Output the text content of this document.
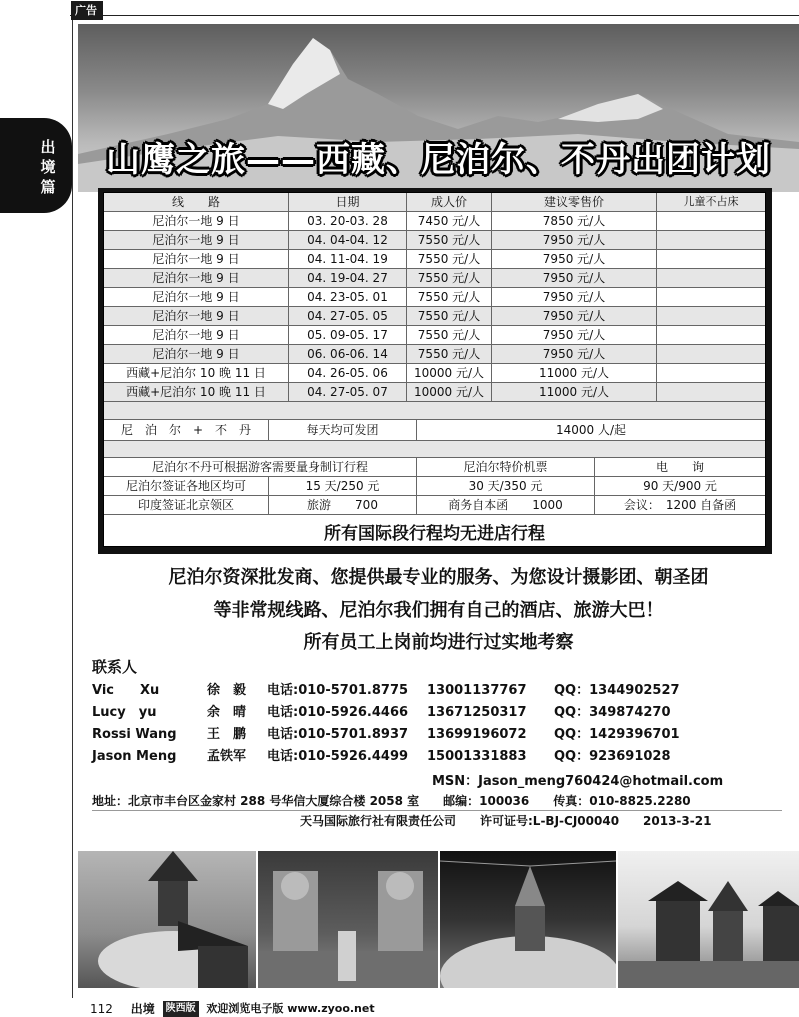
广告
出
境
篇
山鹰之旅——西藏、尼泊尔、不丹出团计划
线　　路	日期	成人价	建议零售价	儿童不占床
尼泊尔一地 9 日	03. 20-03. 28	7450 元/人	7850 元/人
尼泊尔一地 9 日	04. 04-04. 12	7550 元/人	7950 元/人
尼泊尔一地 9 日	04. 11-04. 19	7550 元/人	7950 元/人
尼泊尔一地 9 日	04. 19-04. 27	7550 元/人	7950 元/人
尼泊尔一地 9 日	04. 23-05. 01	7550 元/人	7950 元/人
尼泊尔一地 9 日	04. 27-05. 05	7550 元/人	7950 元/人
尼泊尔一地 9 日	05. 09-05. 17	7550 元/人	7950 元/人
尼泊尔一地 9 日	06. 06-06. 14	7550 元/人	7950 元/人
西藏+尼泊尔 10 晚 11 日	04. 26-05. 06	10000 元/人	11000 元/人
西藏+尼泊尔 10 晚 11 日	04. 27-05. 07	10000 元/人	11000 元/人
尼　泊　尔　+　不　丹	每天均可发团	14000 人/起
尼泊尔不丹可根据游客需要量身制订行程	尼泊尔特价机票	电　　询
尼泊尔签证各地区均可	15 天/250 元	30 天/350 元	90 天/900 元
印度签证北京领区	旅游　　700	商务自本函　　1000	会议：　1200 自备函
所有国际段行程均无进店行程
尼泊尔资深批发商、您提供最专业的服务、为您设计摄影团、朝圣团
等非常规线路、尼泊尔我们拥有自己的酒店、旅游大巴！
所有员工上岗前均进行过实地考察
联系人
Vic　　Xu	徐　毅 电话:010-5701.8775 13001137767 QQ：1344902527
Lucy　yu	余　晴 电话:010-5926.4466 13671250317 QQ：349874270
Rossi Wang 王　鹏 电话:010-5701.8937 13699196072 QQ：1429396701
Jason Meng 孟铁军 电话:010-5926.4499 15001331883 QQ：923691028
MSN：Jason_meng760424@hotmail.com
地址：北京市丰台区金家村 288 号华信大厦综合楼 2058 室　　邮编：100036　　传真：010-8825.2280
天马国际旅行社有限责任公司　　许可证号:L-BJ-CJ00040　　2013-3-21
112 出境 陕西版 欢迎浏览电子版 www.zyoo.net
